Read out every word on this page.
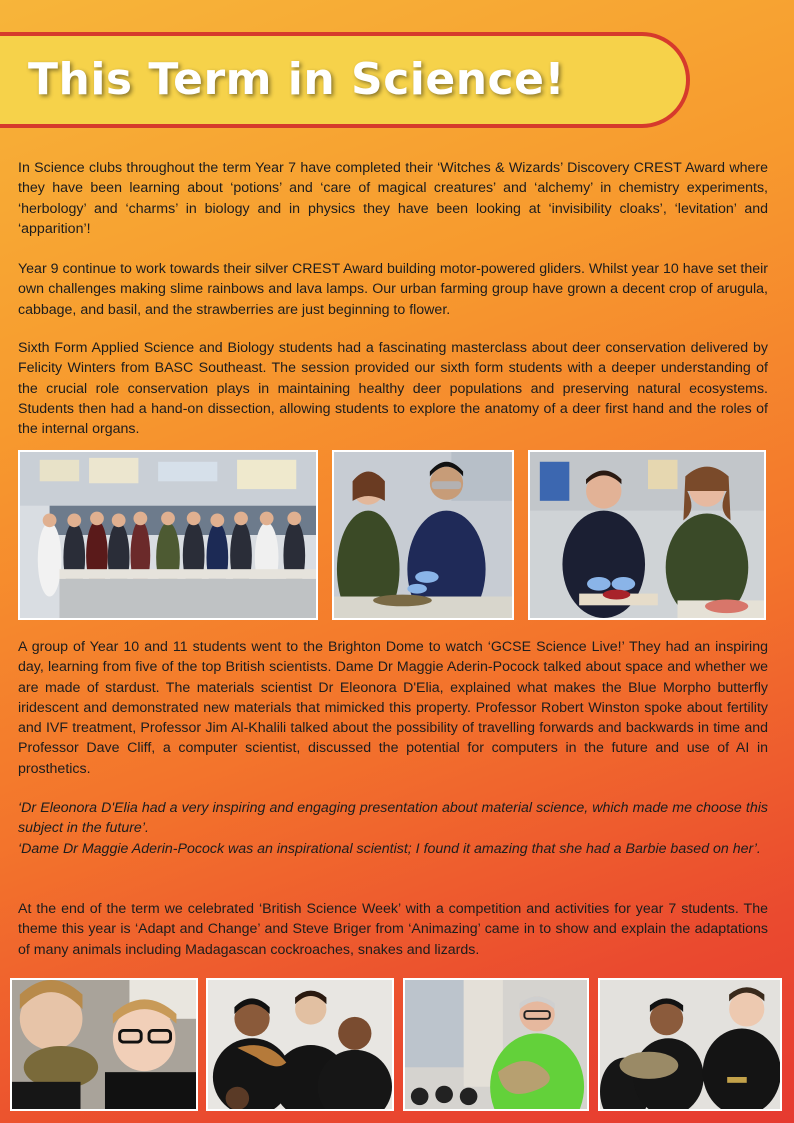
This Term in Science!

In Science clubs throughout the term Year 7 have completed their ‘Witches & Wizards’ Discovery CREST Award where they have been learning about ‘potions’ and ‘care of magical creatures’ and ‘alchemy’ in chemistry experiments, ‘herbology’ and ‘charms’ in biology and in physics they have been looking at ‘invisibility cloaks’, ‘levitation’ and ‘apparition’!

Year 9 continue to work towards their silver CREST Award building motor-powered gliders. Whilst year 10 have set their own challenges making slime rainbows and lava lamps. Our urban farming group have grown a decent crop of arugula, cabbage, and basil, and the strawberries are just beginning to flower.

Sixth Form Applied Science and Biology students had a fascinating masterclass about deer conservation delivered by Felicity Winters from BASC Southeast. The session provided our sixth form students with a deeper understanding of the crucial role conservation plays in maintaining healthy deer populations and preserving natural ecosystems. Students then had a hand-on dissection, allowing students to explore the anatomy of a deer first hand and the roles of the internal organs.

A group of Year 10 and 11 students went to the Brighton Dome to watch ‘GCSE Science Live!’ They had an inspiring day, learning from five of the top British scientists. Dame Dr Maggie Aderin-Pocock talked about space and whether we are made of stardust. The materials scientist Dr Eleonora D'Elia, explained what makes the Blue Morpho butterfly iridescent and demonstrated new materials that mimicked this property. Professor Robert Winston spoke about fertility and IVF treatment, Professor Jim Al-Khalili talked about the possibility of travelling forwards and backwards in time and Professor Dave Cliff, a computer scientist, discussed the potential for computers in the future and use of AI in prosthetics.

‘Dr Eleonora D'Elia had a very inspiring and engaging presentation about material science, which made me choose this subject in the future’.

‘Dame Dr Maggie Aderin-Pocock was an inspirational scientist; I found it amazing that she had a Barbie based on her’.

At the end of the term we celebrated ‘British Science Week’ with a competition and activities for year 7 students. The theme this year is ‘Adapt and Change’ and Steve Briger from ‘Animazing’ came in to show and explain the adaptations of many animals including Madagascan cockroaches, snakes and lizards.
